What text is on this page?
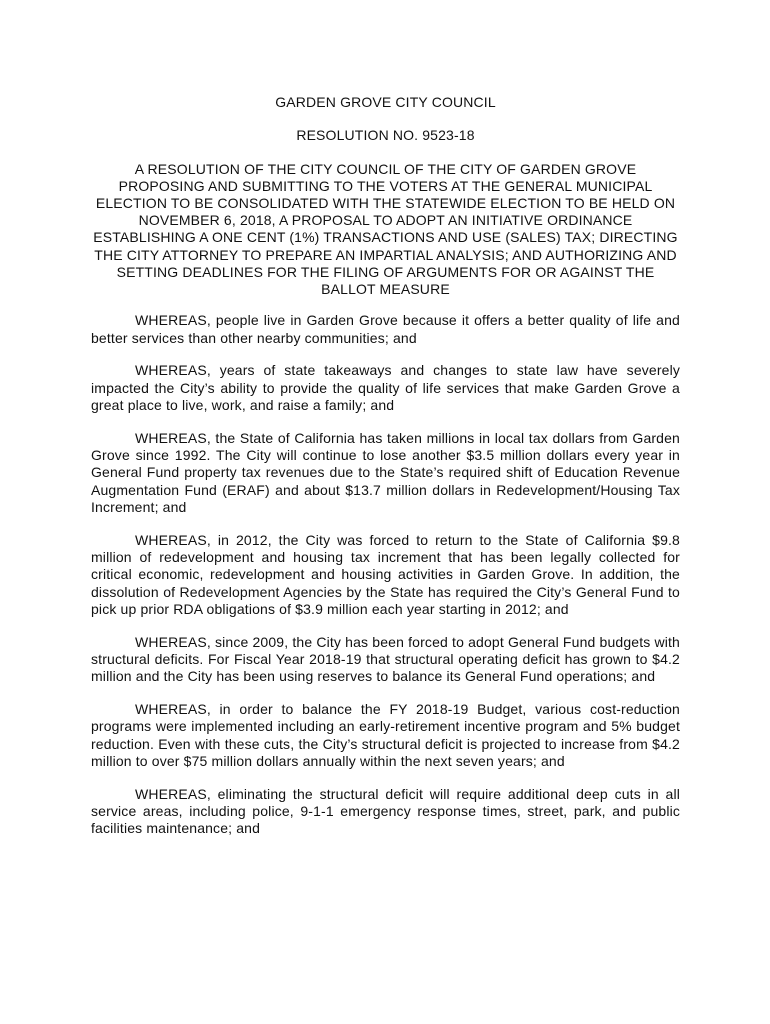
GARDEN GROVE CITY COUNCIL

RESOLUTION NO. 9523-18

A RESOLUTION OF THE CITY COUNCIL OF THE CITY OF GARDEN GROVE PROPOSING AND SUBMITTING TO THE VOTERS AT THE GENERAL MUNICIPAL ELECTION TO BE CONSOLIDATED WITH THE STATEWIDE ELECTION TO BE HELD ON NOVEMBER 6, 2018, A PROPOSAL TO ADOPT AN INITIATIVE ORDINANCE ESTABLISHING A ONE CENT (1%) TRANSACTIONS AND USE (SALES) TAX; DIRECTING THE CITY ATTORNEY TO PREPARE AN IMPARTIAL ANALYSIS; AND AUTHORIZING AND SETTING DEADLINES FOR THE FILING OF ARGUMENTS FOR OR AGAINST THE BALLOT MEASURE

WHEREAS, people live in Garden Grove because it offers a better quality of life and better services than other nearby communities; and

WHEREAS, years of state takeaways and changes to state law have severely impacted the City’s ability to provide the quality of life services that make Garden Grove a great place to live, work, and raise a family; and

WHEREAS, the State of California has taken millions in local tax dollars from Garden Grove since 1992. The City will continue to lose another $3.5 million dollars every year in General Fund property tax revenues due to the State’s required shift of Education Revenue Augmentation Fund (ERAF) and about $13.7 million dollars in Redevelopment/Housing Tax Increment; and

WHEREAS, in 2012, the City was forced to return to the State of California $9.8 million of redevelopment and housing tax increment that has been legally collected for critical economic, redevelopment and housing activities in Garden Grove. In addition, the dissolution of Redevelopment Agencies by the State has required the City’s General Fund to pick up prior RDA obligations of $3.9 million each year starting in 2012; and

WHEREAS, since 2009, the City has been forced to adopt General Fund budgets with structural deficits. For Fiscal Year 2018-19 that structural operating deficit has grown to $4.2 million and the City has been using reserves to balance its General Fund operations; and

WHEREAS, in order to balance the FY 2018-19 Budget, various cost-reduction programs were implemented including an early-retirement incentive program and 5% budget reduction. Even with these cuts, the City’s structural deficit is projected to increase from $4.2 million to over $75 million dollars annually within the next seven years; and

WHEREAS, eliminating the structural deficit will require additional deep cuts in all service areas, including police, 9-1-1 emergency response times, street, park, and public facilities maintenance; and
